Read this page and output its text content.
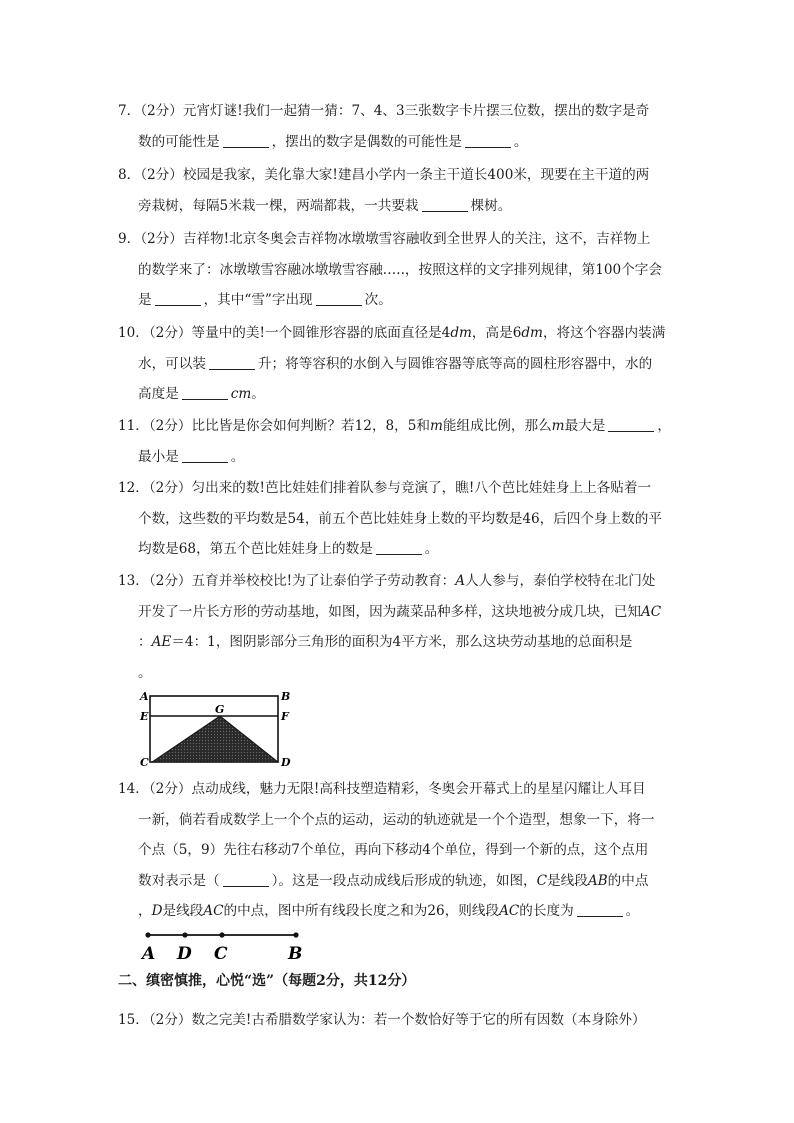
7．（2分）元宵灯谜!我们一起猜一猜：7、4、3三张数字卡片摆三位数，摆出的数字是奇
数的可能性是	，摆出的数字是偶数的可能性是	。
8．（2分）校园是我家，美化靠大家!建昌小学内一条主干道长400米，现要在主干道的两
旁栽树，每隔5米栽一棵，两端都栽，一共要栽	棵树。
9．（2分）吉祥物!北京冬奥会吉祥物冰墩墩雪容融收到全世界人的关注，这不，吉祥物上
的数学来了：冰墩墩雪容融冰墩墩雪容融…..，按照这样的文字排列规律，第100个字会
是	，其中“雪”字出现	次。
10．（2分）等量中的美!一个圆锥形容器的底面直径是4dm，高是6dm，将这个容器内装满
水，可以装	升；将等容积的水倒入与圆锥容器等底等高的圆柱形容器中，水的
高度是	cm。
11．（2分）比比皆是你会如何判断？若12，8，5和m能组成比例，那么m最大是	，
最小是	。
12．（2分）匀出来的数!芭比娃娃们排着队参与竞演了，瞧!八个芭比娃娃身上上各贴着一
个数，这些数的平均数是54，前五个芭比娃娃身上数的平均数是46，后四个身上数的平
均数是68，第五个芭比娃娃身上的数是	。
13．（2分）五育并举校校比!为了让泰伯学子劳动教育：A人人参与，泰伯学校特在北门处
开发了一片长方形的劳动基地，如图，因为蔬菜品种多样，这块地被分成几块，已知AC
：AE＝4：1，图阴影部分三角形的面积为4平方米，那么这块劳动基地的总面积是
。
A	B
E
G
F
C	D
14．（2分）点动成线，魅力无限!高科技塑造精彩，冬奥会开幕式上的星星闪耀让人耳目
一新，倘若看成数学上一个个点的运动，运动的轨迹就是一个个造型，想象一下，将一
个点（5，9）先往右移动7个单位，再向下移动4个单位，得到一个新的点，这个点用
数对表示是（	）。这是一段点动成线后形成的轨迹，如图，C是线段AB的中点
，D是线段AC的中点，图中所有线段长度之和为26，则线段AC的长度为	。
A D C	B
二、缜密慎推，心悦“选”（每题2分，共12分）
15．（2分）数之完美!古希腊数学家认为：若一个数恰好等于它的所有因数（本身除外）
